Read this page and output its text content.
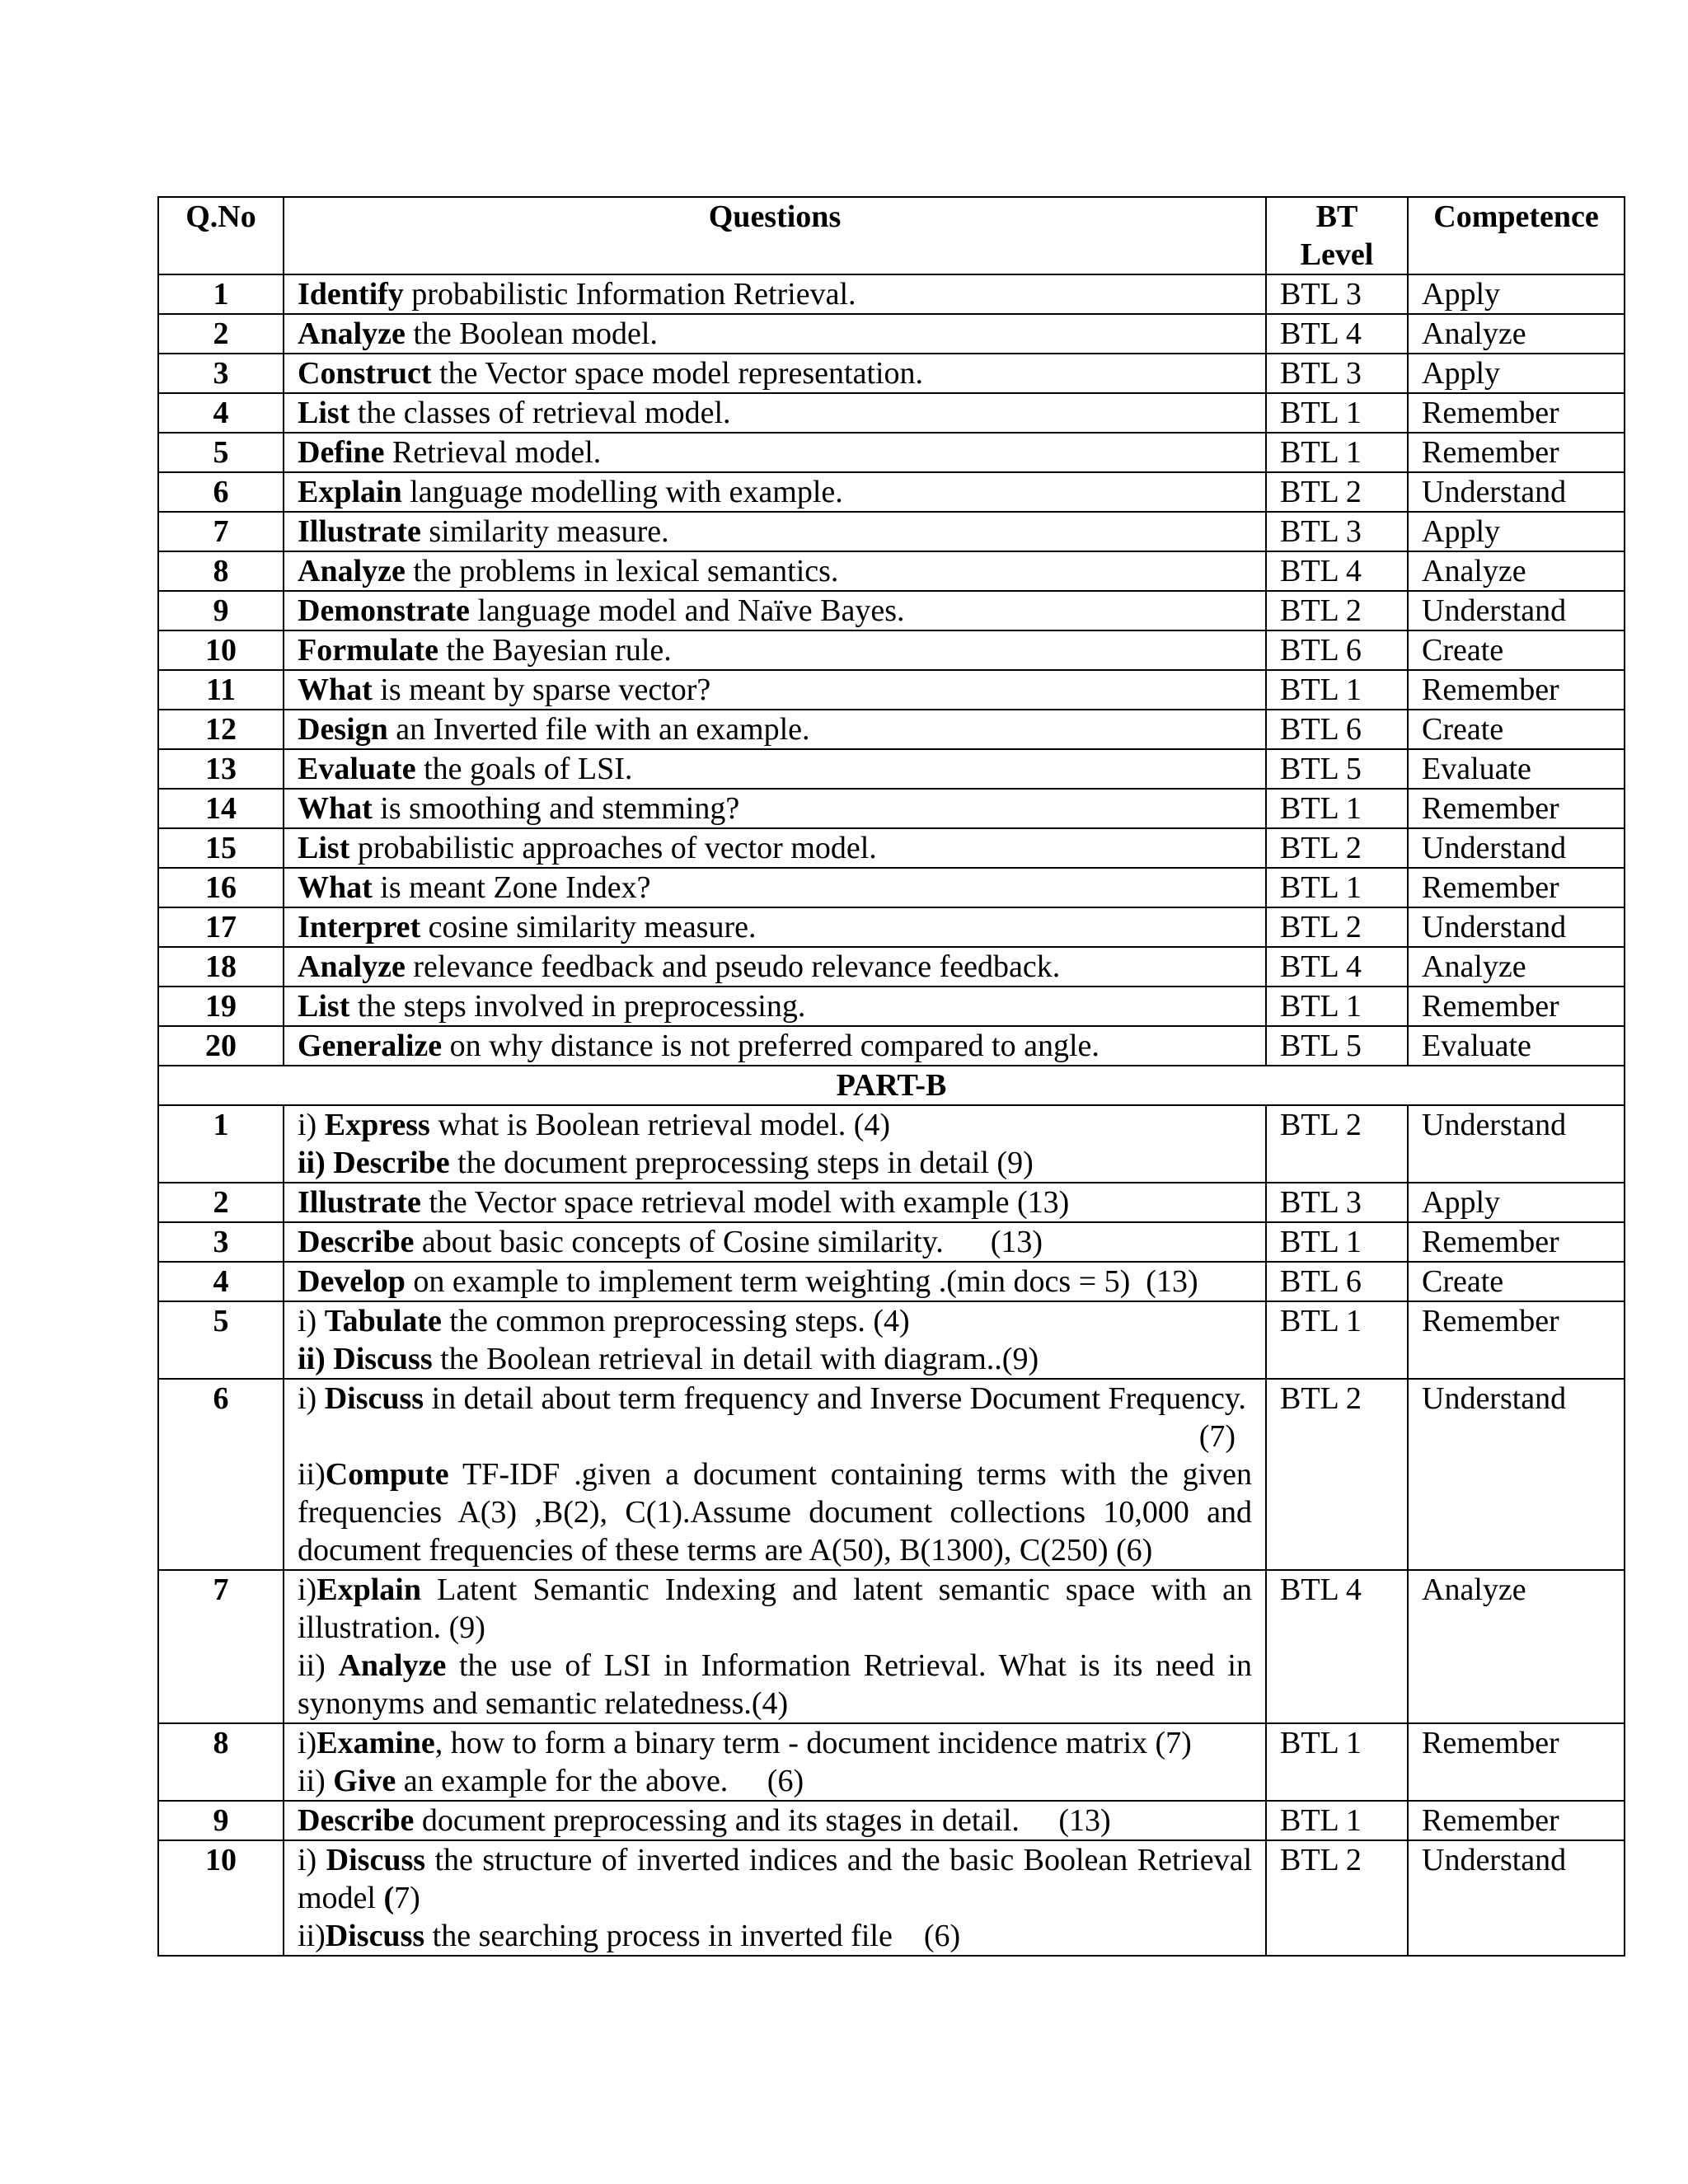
Q.No	Questions	BT Level	Competence
1	Identify probabilistic Information Retrieval.	BTL 3	Apply
2	Analyze the Boolean model.	BTL 4	Analyze
3	Construct the Vector space model representation.	BTL 3	Apply
4	List the classes of retrieval model.	BTL 1	Remember
5	Define Retrieval model.	BTL 1	Remember
6	Explain language modelling with example.	BTL 2	Understand
7	Illustrate similarity measure.	BTL 3	Apply
8	Analyze the problems in lexical semantics.	BTL 4	Analyze
9	Demonstrate language model and Naïve Bayes.	BTL 2	Understand
10	Formulate the Bayesian rule.	BTL 6	Create
11	What is meant by sparse vector?	BTL 1	Remember
12	Design an Inverted file with an example.	BTL 6	Create
13	Evaluate the goals of LSI.	BTL 5	Evaluate
14	What is smoothing and stemming?	BTL 1	Remember
15	List probabilistic approaches of vector model.	BTL 2	Understand
16	What is meant Zone Index?	BTL 1	Remember
17	Interpret cosine similarity measure.	BTL 2	Understand
18	Analyze relevance feedback and pseudo relevance feedback.	BTL 4	Analyze
19	List the steps involved in preprocessing.	BTL 1	Remember
20	Generalize on why distance is not preferred compared to angle.	BTL 5	Evaluate
PART-B			
1	i) Express what is Boolean retrieval model. (4)
ii) Describe the document preprocessing steps in detail (9)	BTL 2	Understand
2	Illustrate the Vector space retrieval model with example (13)	BTL 3	Apply
3	Describe about basic concepts of Cosine similarity.      (13)	BTL 1	Remember
4	Develop on example to implement term weighting .(min docs = 5)  (13)	BTL 6	Create
5	i) Tabulate the common preprocessing steps. (4)
ii) Discuss the Boolean retrieval in detail with diagram..(9)	BTL 1	Remember
6	i) Discuss in detail about term frequency and Inverse Document Frequency.
(7)
ii)Compute TF-IDF .given a document containing terms with the given frequencies A(3) ,B(2), C(1).Assume document collections 10,000 and document frequencies of these terms are A(50), B(1300), C(250) (6)	BTL 2	Understand
7	i)Explain Latent Semantic Indexing and latent semantic space with an illustration. (9)
ii) Analyze the use of LSI in Information Retrieval. What is its need in synonyms and semantic relatedness.(4)	BTL 4	Analyze
8	i)Examine, how to form a binary term - document incidence matrix (7)
ii) Give an example for the above.     (6)	BTL 1	Remember
9	Describe document preprocessing and its stages in detail.     (13)	BTL 1	Remember
10	i) Discuss the structure of inverted indices and the basic Boolean Retrieval model (7)
ii)Discuss the searching process in inverted file    (6)	BTL 2	Understand
